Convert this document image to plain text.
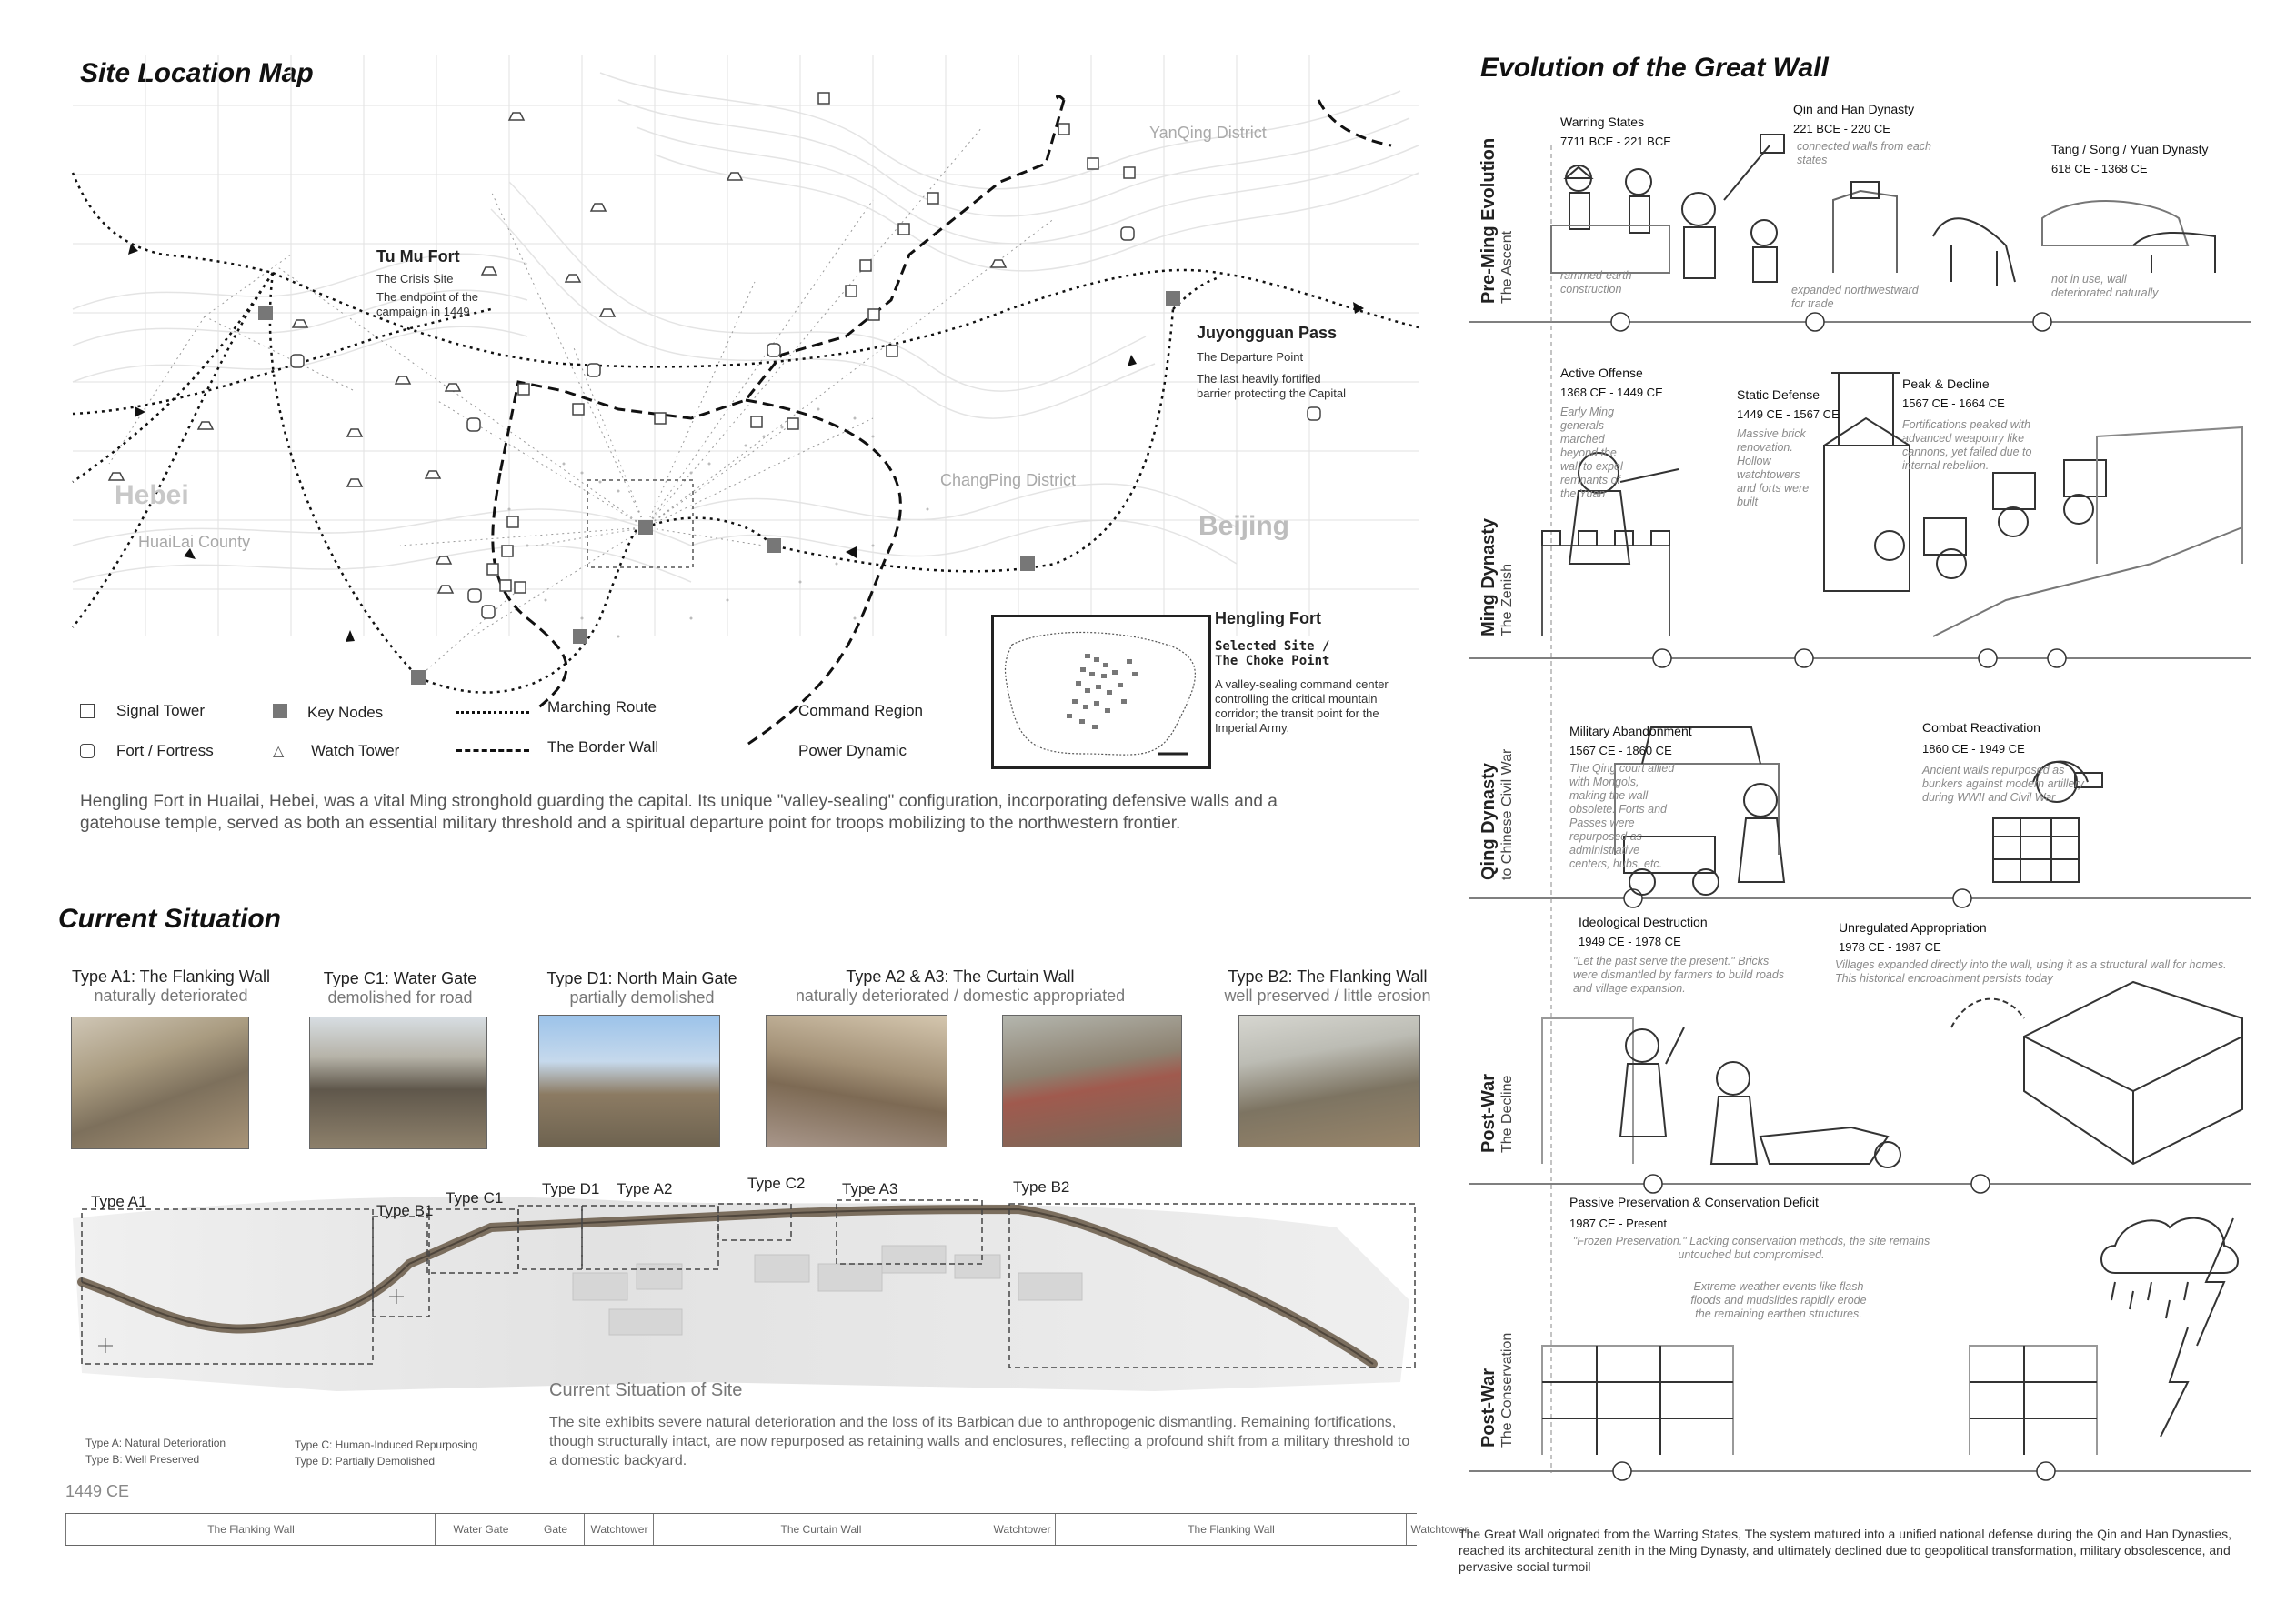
Site Location Map
YanQing District
Hebei
HuaiLai County
ChangPing District
Beijing
Tu Mu Fort
The Crisis Site
The endpoint of the campaign in 1449
Juyongguan Pass
The Departure Point
The last heavily fortified barrier protecting the Capital
Hengling Fort
Selected Site /
The Choke Point
A valley-sealing command center controlling the critical mountain corridor; the transit point for the Imperial Army.
Signal Tower	Key Nodes
Fort / Fortress	△ Watch Tower
Marching Route
The Border Wall
Command Region
Power Dynamic
Hengling Fort in Huailai, Hebei, was a vital Ming stronghold guarding the capital. Its unique "valley-sealing" configuration, incorporating defensive walls and a gatehouse temple, served as both an essential military threshold and a spiritual departure point for troops mobilizing to the northwestern frontier.
Current Situation
Type A1: The Flanking Wall
naturally deteriorated
Type C1: Water Gate
demolished for road
Type D1: North Main Gate
partially demolished
Type A2 & A3: The Curtain Wall
naturally deteriorated / domestic appropriated
Type B2: The Flanking Wall
well preserved / little erosion
Type A1
Type B1
Type C1
Type D1 Type A2	Type C2 Type A3	Type B2
Current Situation of Site
The site exhibits severe natural deterioration and the loss of its Barbican due to anthropogenic dismantling. Remaining fortifications, though structurally intact, are now repurposed as retaining walls and enclosures, reflecting a profound shift from a military threshold to a domestic backyard.
Type A: Natural Deterioration
Type B: Well Preserved
Type C: Human-Induced Repurposing
Type D: Partially Demolished
1449 CE
The Flanking Wall	Water Gate	Gate	Watchtower	The Curtain Wall	Watchtower	The Flanking Wall	Watchtower
Evolution of the Great Wall
Pre-Ming Evolution The Ascent
Ming Dynasty The Zenish
Qing Dynasty to Chinese Civil War
Post-War The Decline
Post-War The Conservation
Warring States
7711 BCE - 221 BCE
rammed-earth construction
Qin and Han Dynasty
221 BCE - 220 CE
connected walls from each states
expanded northwestward for trade
Tang / Song / Yuan Dynasty
618 CE - 1368 CE
not in use, wall deteriorated naturally
Active Offense
1368 CE - 1449 CE
Early Ming generals marched beyond the wall to expel remnants of the Yuan
Static Defense
1449 CE - 1567 CE
Massive brick renovation. Hollow watchtowers and forts were built
Peak & Decline
1567 CE - 1664 CE
Fortifications peaked with advanced weaponry like cannons, yet failed due to internal rebellion.
Military Abandonment
1567 CE - 1860 CE
The Qing court allied with Mongols, making the wall obsolete. Forts and Passes were repurposed as administrative centers, hubs, etc.
Combat Reactivation
1860 CE - 1949 CE
Ancient walls repurposed as bunkers against modern artillery during WWII and Civil War
Ideological Destruction
1949 CE - 1978 CE
"Let the past serve the present." Bricks were dismantled by farmers to build roads and village expansion.
Unregulated Appropriation
1978 CE - 1987 CE
Villages expanded directly into the wall, using it as a structural wall for homes. This historical encroachment persists today
Passive Preservation & Conservation Deficit
1987 CE - Present
"Frozen Preservation." Lacking conservation methods, the site remains untouched but compromised.
Extreme weather events like flash floods and mudslides rapidly erode the remaining earthen structures.
The Great Wall orignated from the Warring States, The system matured into a unified national defense during the Qin and Han Dynasties, reached its architectural zenith in the Ming Dynasty, and ultimately declined due to geopolitical transformation, military obsolescence, and pervasive social turmoil
